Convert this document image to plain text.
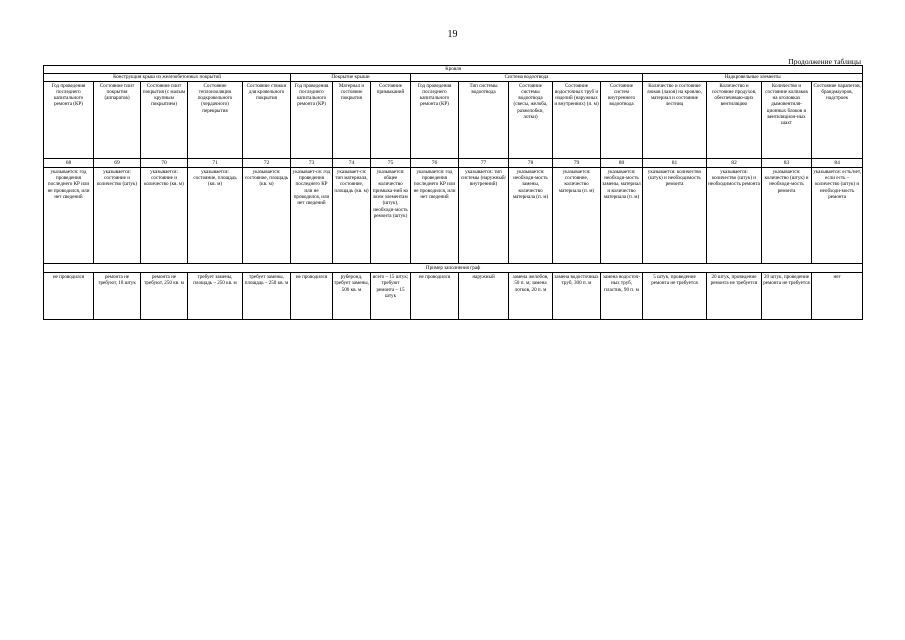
19
Продолжение таблицы
Кровля																
Конструкция крыш из железобетонных покрытий					Покрытие крыши			Система водоотвода					Надкровельные элементы			
Год проведения последнего капитального ремонта (КР)	Состояние плит покрытия (аппаратов)	Состояние плит покрытия (с малым крупным покрытием)	Состояние теплоизоляции подкровельного (чердачного) перекрытия	Состояние стяжки для кровельного покрытия	Год проведения последнего капитального ремонта (КР)	Материал и состояние покрытия	Состояние примыканий	Год проведения последнего капитального ремонта (КР)	Тип системы водоотвода	Состояние системы водоотвода (свесы, желоба, разжелобки, лотки)	Состояние водосточных труб и изделий (наружных и внутренних) (п. м)	Состояние систем внутреннего водоотвода	Количество и состояние люков (лазов) на кровлю, материал и состояние лестниц	Количество и состояние продухов, обеспечиваю-щих вентиляцию	Количество и состояние колпаков на оголовках дымовентиля-ционных блоков и вентиляцион-ных шахт	Состояние парапетов, брандмауэров, надстроек
68	69	70	71	72	73	74	75	76	77	78	79	80	81	82	83	84
указывается: год проведения последнего КР или не проводился, или нет сведений	указывается: состояние и количество (штук)	указывается: состояние и количество (кв. м)	указывается: состояние, площадь (кв. м)	указывается: состояние, площадь (кв. м)	указывает-ся: год проведения последнего КР или не проводился, или нет сведений	указывает-ся: тип материала, состояние, площадь (кв. м)	указывается: общее количество примыка-ний ко всем элементам (штук), необходи-мость ремонта (штук)	указывается: год проведения последнего КР или не проводился, или нет сведений	указывается: тип системы (наружный/ внутренний)	указывается: необходи-мость замены, количество материала (п. м)	указывается: состояние, количество материала (п. м)	указывается: необходи-мость замены, материал и количество материала (п. м)	указывается: количество (штук) и необходимость ремонта	указывается: количество (штук) и необходимость ремонта	указывается: количество (штук) и необходи-мость ремонта	указывается: есть/нет, если есть – количество (штук) и необходи-мость ремонта
Пример заполнения граф																
не проводился	ремонта не требуют, 18 штук	ремонта не требуют, 250 кв. м	требует замены, площадь – 250 кв. м	требует замены, площадь – 250 кв. м	не проводился	рубероид, требует замены, 500 кв. м	всего – 15 штук; требуют ремонта – 15 штук	не проводился	наружный	замена желобов, 50 п. м; замена лотков, 20 п. м	замена водосточных труб, 300 п. м	замена водосточ-ных труб, пластик, 90 п. м	5 штук, проведение ремонта не требуется	20 штук, проведение ремонта не требуется	20 штук, проведение ремонта не требуется	нет
